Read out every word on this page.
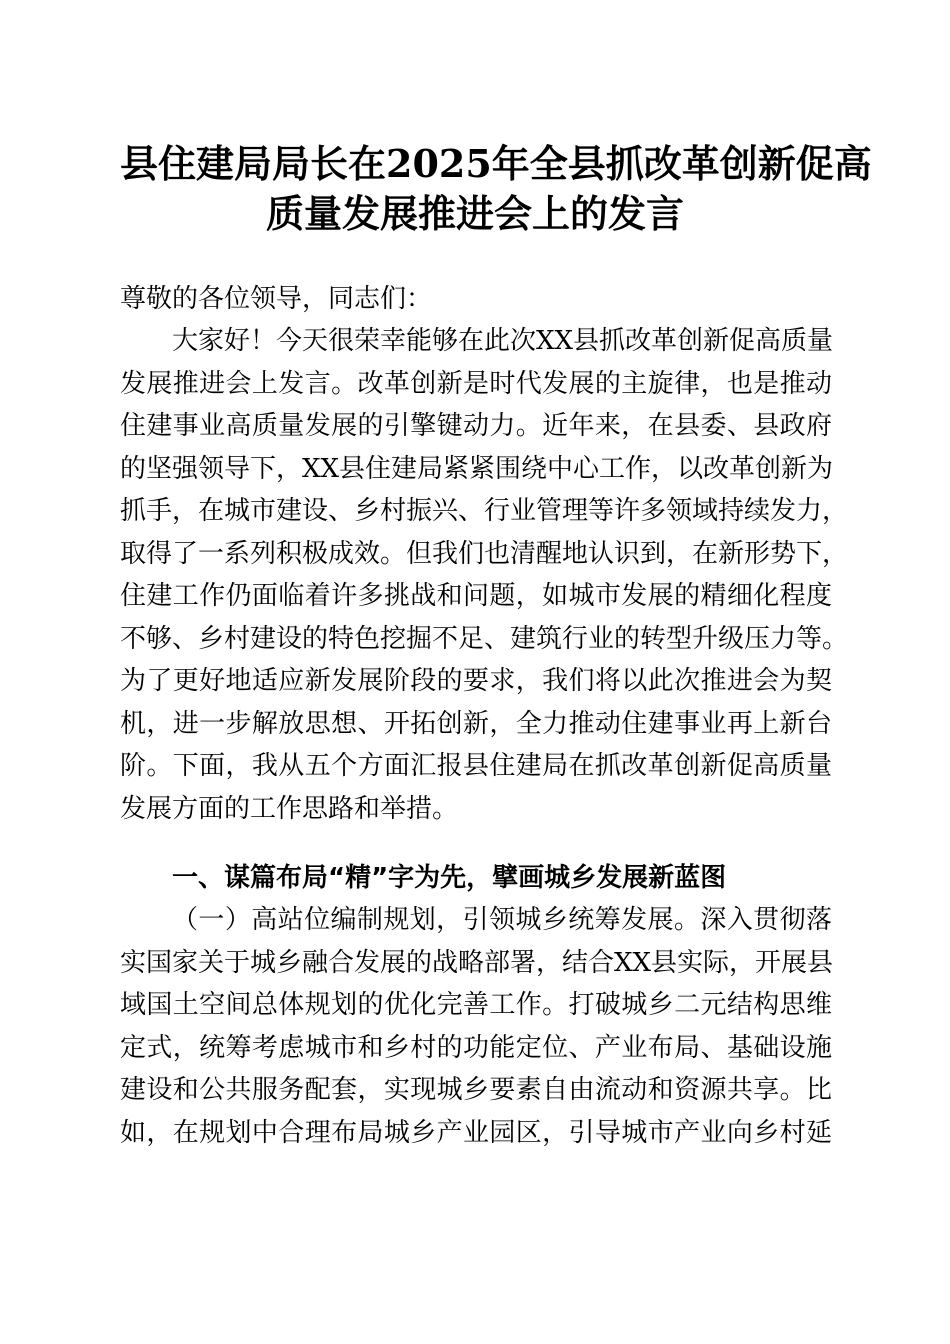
县住建局局长在2025年全县抓改革创新促高
质量发展推进会上的发言
尊敬的各位领导，同志们：
大家好！今天很荣幸能够在此次XX县抓改革创新促高质量
发展推进会上发言。改革创新是时代发展的主旋律，也是推动
住建事业高质量发展的引擎键动力。近年来，在县委、县政府
的坚强领导下，XX县住建局紧紧围绕中心工作，以改革创新为
抓手，在城市建设、乡村振兴、行业管理等许多领域持续发力，
取得了一系列积极成效。但我们也清醒地认识到，在新形势下，
住建工作仍面临着许多挑战和问题，如城市发展的精细化程度
不够、乡村建设的特色挖掘不足、建筑行业的转型升级压力等。
为了更好地适应新发展阶段的要求，我们将以此次推进会为契
机，进一步解放思想、开拓创新，全力推动住建事业再上新台
阶。下面，我从五个方面汇报县住建局在抓改革创新促高质量
发展方面的工作思路和举措。
一、谋篇布局“精”字为先，擘画城乡发展新蓝图
（一）高站位编制规划，引领城乡统筹发展。深入贯彻落
实国家关于城乡融合发展的战略部署，结合XX县实际，开展县
域国土空间总体规划的优化完善工作。打破城乡二元结构思维
定式，统筹考虑城市和乡村的功能定位、产业布局、基础设施
建设和公共服务配套，实现城乡要素自由流动和资源共享。比
如，在规划中合理布局城乡产业园区，引导城市产业向乡村延
